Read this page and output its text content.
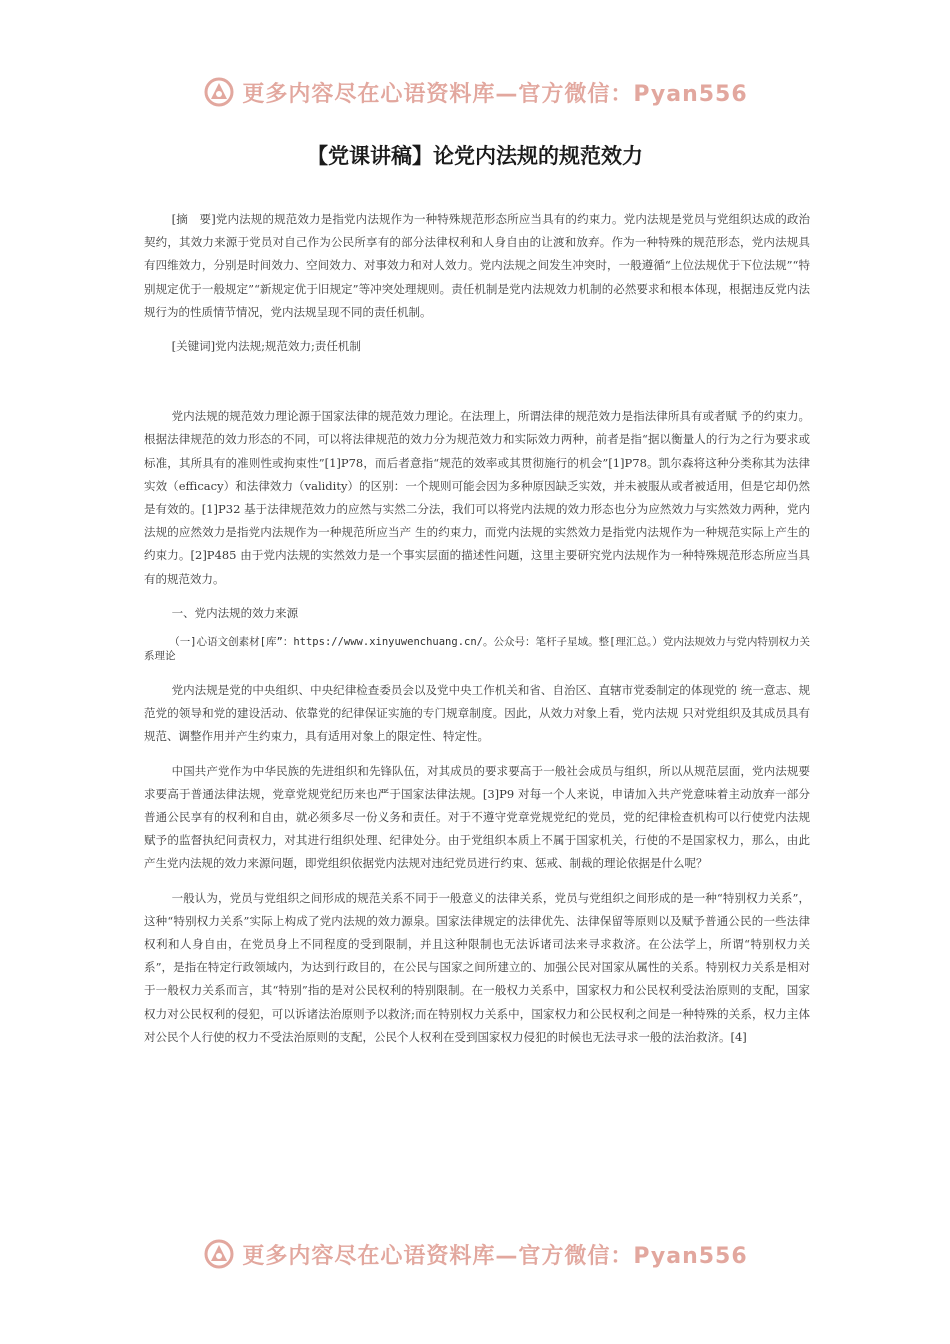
更多内容尽在心语资料库—官方微信：Pyan556
【党课讲稿】论党内法规的规范效力

[摘　要]党内法规的规范效力是指党内法规作为一种特殊规范形态所应当具有的约束力。党内法规是党员与党组织达成的政治契约，其效力来源于党员对自己作为公民所享有的部分法律权利和人身自由的让渡和放弃。作为一种特殊的规范形态，党内法规具有四维效力，分别是时间效力、空间效力、对事效力和对人效力。党内法规之间发生冲突时，一般遵循“上位法规优于下位法规”“特别规定优于一般规定”“新规定优于旧规定”等冲突处理规则。责任机制是党内法规效力机制的必然要求和根本体现，根据违反党内法规行为的性质情节情况，党内法规呈现不同的责任机制。

[关键词]党内法规;规范效力;责任机制

党内法规的规范效力理论源于国家法律的规范效力理论。在法理上，所谓法律的规范效力是指法律所具有或者赋 予的约束力。根据法律规范的效力形态的不同，可以将法律规范的效力分为规范效力和实际效力两种，前者是指“据以衡量人的行为之行为要求或标准，其所具有的准则性或拘束性”[1]P78，而后者意指“规范的效率或其贯彻施行的机会”[1]P78。凯尔森将这种分类称其为法律实效（efficacy）和法律效力（validity）的区别：一个规则可能会因为多种原因缺乏实效，并未被服从或者被适用，但是它却仍然是有效的。[1]P32 基于法律规范效力的应然与实然二分法，我们可以将党内法规的效力形态也分为应然效力与实然效力两种，党内法规的应然效力是指党内法规作为一种规范所应当产 生的约束力，而党内法规的实然效力是指党内法规作为一种规范实际上产生的约束力。[2]P485 由于党内法规的实然效力是一个事实层面的描述性问题，这里主要研究党内法规作为一种特殊规范形态所应当具有的规范效力。

一、党内法规的效力来源

（一]心语文创素材[库”：https://www.xinyuwenchuang.cn/。公众号：笔杆子星域。整[理汇总。）党内法规效力与党内特别权力关系理论

党内法规是党的中央组织、中央纪律检查委员会以及党中央工作机关和省、自治区、直辖市党委制定的体现党的 统一意志、规范党的领导和党的建设活动、依靠党的纪律保证实施的专门规章制度。因此，从效力对象上看，党内法规 只对党组织及其成员具有规范、调整作用并产生约束力，具有适用对象上的限定性、特定性。

中国共产党作为中华民族的先进组织和先锋队伍，对其成员的要求要高于一般社会成员与组织，所以从规范层面，党内法规要求要高于普通法律法规，党章党规党纪历来也严于国家法律法规。[3]P9 对每一个人来说，申请加入共产党意味着主动放弃一部分普通公民享有的权利和自由，就必须多尽一份义务和责任。对于不遵守党章党规党纪的党员，党的纪律检查机构可以行使党内法规赋予的监督执纪问责权力，对其进行组织处理、纪律处分。由于党组织本质上不属于国家机关，行使的不是国家权力，那么，由此产生党内法规的效力来源问题，即党组织依据党内法规对违纪党员进行约束、惩戒、制裁的理论依据是什么呢？

一般认为，党员与党组织之间形成的规范关系不同于一般意义的法律关系，党员与党组织之间形成的是一种“特别权力关系”，这种“特别权力关系”实际上构成了党内法规的效力源泉。国家法律规定的法律优先、法律保留等原则以及赋予普通公民的一些法律权利和人身自由，在党员身上不同程度的受到限制，并且这种限制也无法诉诸司法来寻求救济。在公法学上，所谓“特别权力关系”，是指在特定行政领域内，为达到行政目的，在公民与国家之间所建立的、加强公民对国家从属性的关系。特别权力关系是相对于一般权力关系而言，其“特别”指的是对公民权利的特别限制。在一般权力关系中，国家权力和公民权利受法治原则的支配，国家权力对公民权利的侵犯，可以诉诸法治原则予以救济;而在特别权力关系中，国家权力和公民权利之间是一种特殊的关系，权力主体对公民个人行使的权力不受法治原则的支配，公民个人权利在受到国家权力侵犯的时候也无法寻求一般的法治救济。[4]

更多内容尽在心语资料库—官方微信：Pyan556
